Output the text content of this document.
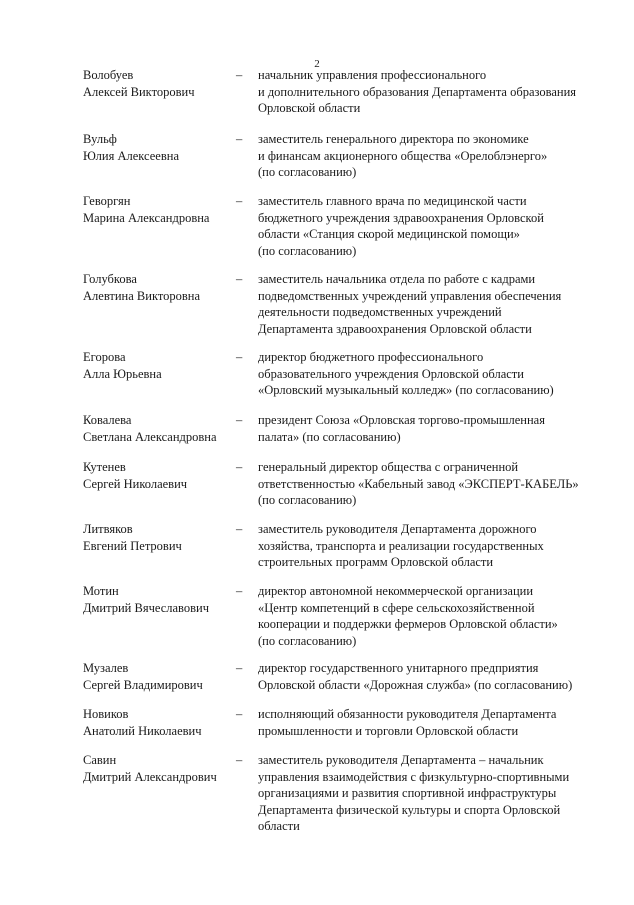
2
Волобуев
Алексей Викторович
– начальник управления профессионального
и дополнительного образования Департамента образования
Орловской области
Вульф
Юлия Алексеевна
– заместитель генерального директора по экономике
и финансам акционерного общества «Орелоблэнерго»
(по согласованию)
Геворгян
Марина Александровна
– заместитель главного врача по медицинской части
бюджетного учреждения здравоохранения Орловской
области «Станция скорой медицинской помощи»
(по согласованию)
Голубкова
Алевтина Викторовна
– заместитель начальника отдела по работе с кадрами
подведомственных учреждений управления обеспечения
деятельности подведомственных учреждений
Департамента здравоохранения Орловской области
Егорова
Алла Юрьевна
– директор бюджетного профессионального
образовательного учреждения Орловской области
«Орловский музыкальный колледж» (по согласованию)
Ковалева
Светлана Александровна
– президент Союза «Орловская торгово-промышленная
палата» (по согласованию)
Кутенев
Сергей Николаевич
– генеральный директор общества с ограниченной
ответственностью «Кабельный завод «ЭКСПЕРТ-КАБЕЛЬ»
(по согласованию)
Литвяков
Евгений Петрович
– заместитель руководителя Департамента дорожного
хозяйства, транспорта и реализации государственных
строительных программ Орловской области
Мотин
Дмитрий Вячеславович
– директор автономной некоммерческой организации
«Центр компетенций в сфере сельскохозяйственной
кооперации и поддержки фермеров Орловской области»
(по согласованию)
Музалев
Сергей Владимирович
– директор государственного унитарного предприятия
Орловской области «Дорожная служба» (по согласованию)
Новиков
Анатолий Николаевич
– исполняющий обязанности руководителя Департамента
промышленности и торговли Орловской области
Савин
Дмитрий Александрович
– заместитель руководителя Департамента – начальник
управления взаимодействия с физкультурно-спортивными
организациями и развития спортивной инфраструктуры
Департамента физической культуры и спорта Орловской
области
